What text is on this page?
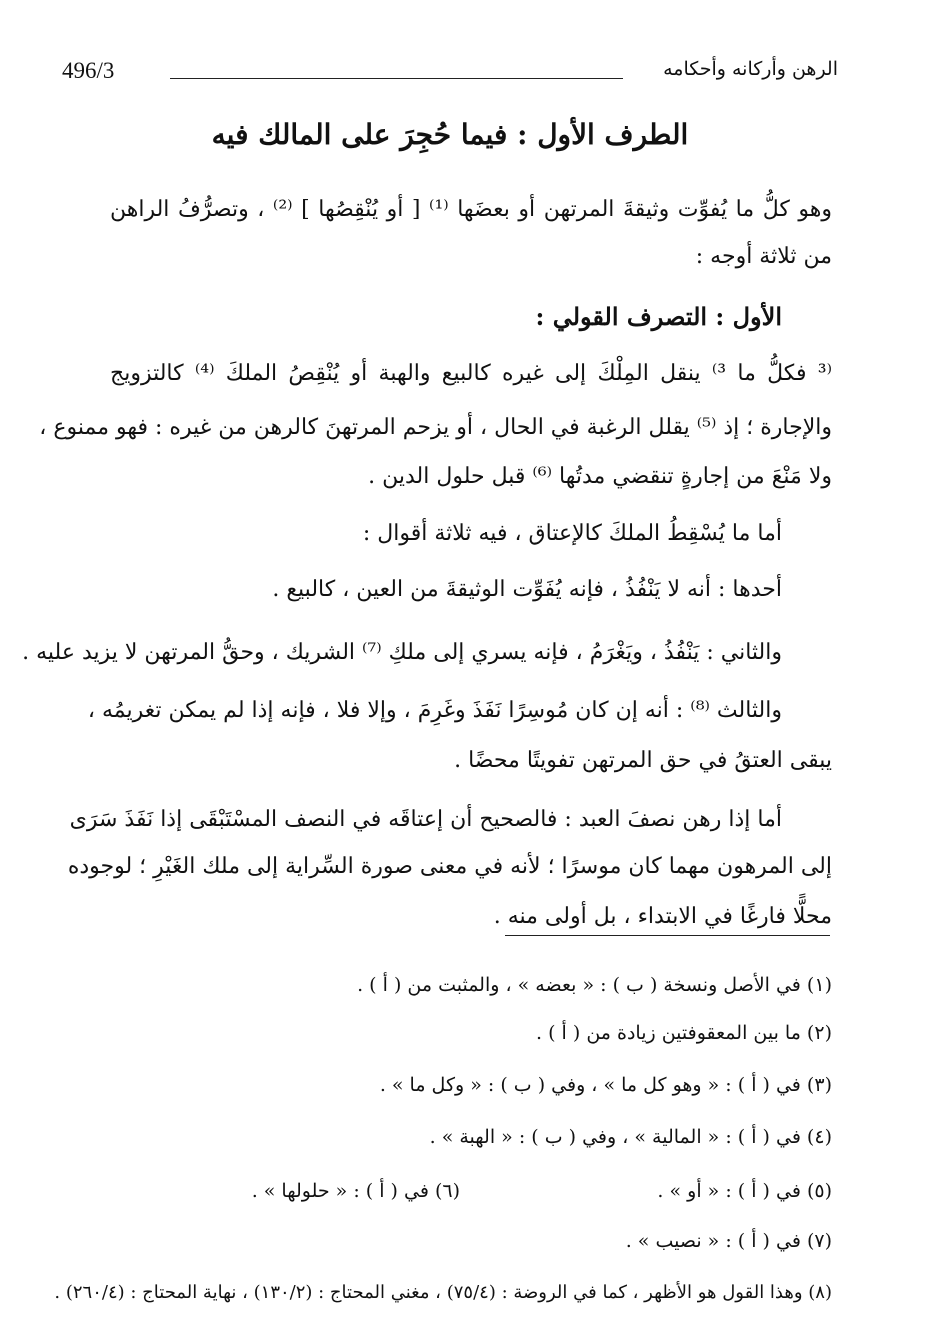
496/3	الرهن وأركانه وأحكامه
الطرف الأول : فيما حُجِرَ على المالك فيه
وهو كلُّ ما يُفوِّت وثيقةَ المرتهن أو بعضَها ⁽¹⁾ [ أو يُنْقِصُها ] ⁽²⁾ ، وتصرُّفُ الراهن
من ثلاثة أوجه :
الأول : التصرف القولي :
⁽³ فكلُّ ما ³⁾ ينقل المِلْكَ إلى غيره كالبيع والهبة أو يُنْقِصُ الملكَ ⁽⁴⁾ كالتزويج
والإجارة ؛ إذ ⁽⁵⁾ يقلل الرغبة في الحال ، أو يزحم المرتهنَ كالرهن من غيره : فهو ممنوع ،
ولا مَنْعَ من إجارةٍ تنقضي مدتُها ⁽⁶⁾ قبل حلول الدين .
أما ما يُسْقِطُ الملكَ كالإعتاق ، فيه ثلاثة أقوال :
أحدها : أنه لا يَنْفُذُ ، فإنه يُفَوِّت الوثيقةَ من العين ، كالبيع .
والثاني : يَنْفُذُ ، ويَغْرَمُ ، فإنه يسري إلى ملكِ ⁽⁷⁾ الشريك ، وحقُّ المرتهن لا يزيد عليه .
والثالث ⁽⁸⁾ : أنه إن كان مُوسِرًا نَفَذَ وغَرِمَ ، وإلا فلا ، فإنه إذا لم يمكن تغريمُه ،
يبقى العتقُ في حق المرتهن تفويتًا محضًا .
أما إذا رهن نصفَ العبد : فالصحيح أن إعتاقَه في النصف المسْتَبْقَى إذا نَفَذَ سَرَى
إلى المرهون مهما كان موسرًا ؛ لأنه في معنى صورة السِّراية إلى ملك الغَيْرِ ؛ لوجوده
محلًّا فارغًا في الابتداء ، بل أولى منه .
(١) في الأصل ونسخة ( ب ) : « بعضه » ، والمثبت من ( أ ) .
(٢) ما بين المعقوفتين زيادة من ( أ ) .
(٣) في ( أ ) : « وهو كل ما » ، وفي ( ب ) : « وكل ما » .
(٤) في ( أ ) : « المالية » ، وفي ( ب ) : « الهبة » .
(٥) في ( أ ) : « أو » .
(٦) في ( أ ) : « حلولها » .
(٧) في ( أ ) : « نصيب » .
(٨) وهذا القول هو الأظهر ، كما في الروضة : (٧٥/٤) ، مغني المحتاج : (١٣٠/٢) ، نهاية المحتاج : (٢٦٠/٤) .
